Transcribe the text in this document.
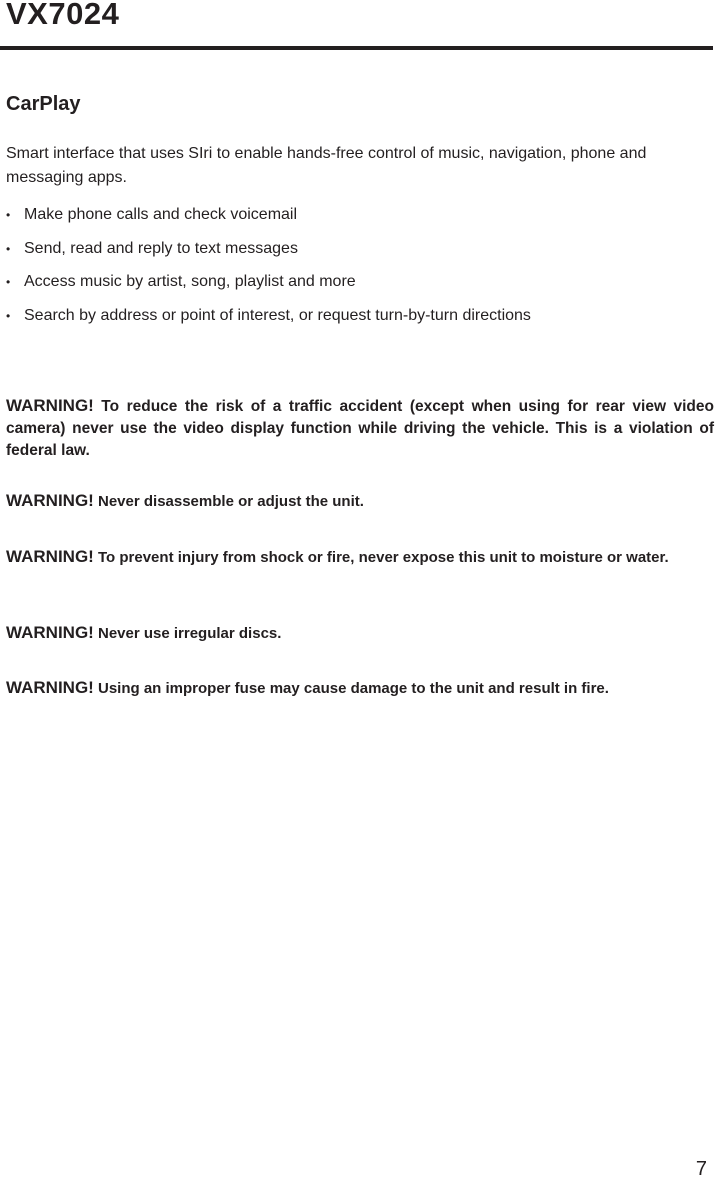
VX7024
CarPlay

Smart interface that uses SIri to enable hands-free control of music, navigation, phone and messaging apps.

• Make phone calls and check voicemail
• Send, read and reply to text messages
• Access music by artist, song, playlist and more
• Search by address or point of interest, or request turn-by-turn directions

WARNING! To reduce the risk of a traffic accident (except when using for rear view video camera) never use the video display function while driving the vehicle. This is a violation of federal law.

WARNING! Never disassemble or adjust the unit.

WARNING! To prevent injury from shock or fire, never expose this unit to moisture or water.

WARNING! Never use irregular discs.

WARNING! Using an improper fuse may cause damage to the unit and result in fire.

7
